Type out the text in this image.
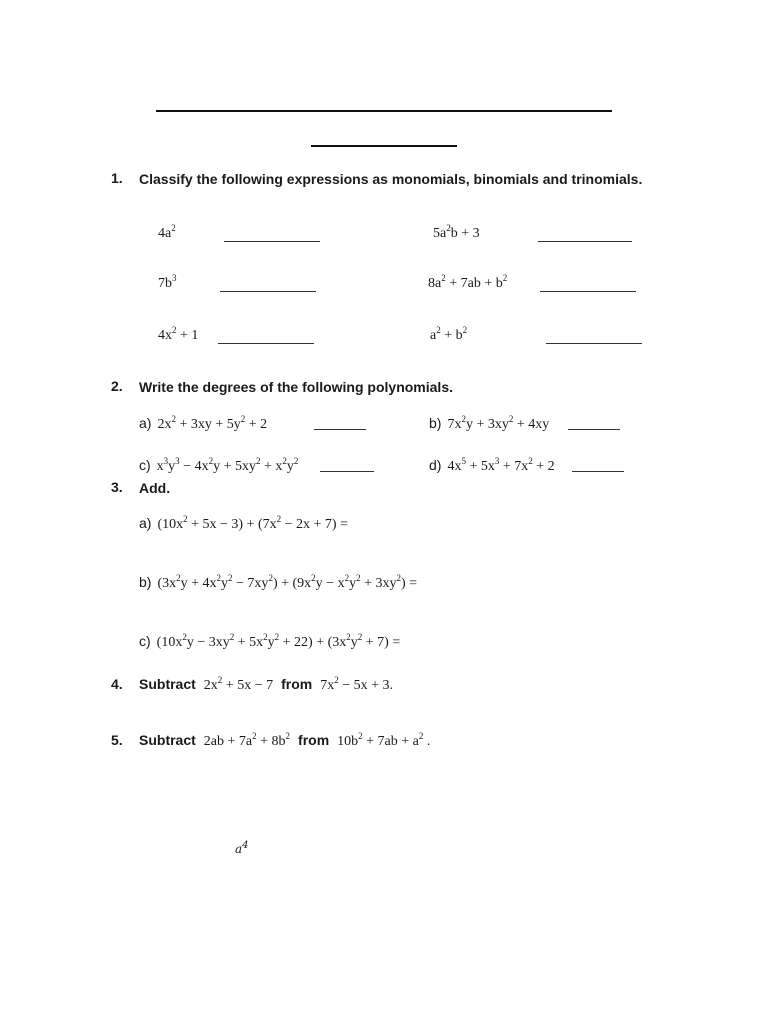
1. Classify the following expressions as monomials, binomials and trinomials.
$4a^2$	$5a^2b + 3$
$7b^3$	$8a^2 + 7ab + b^2$
$4x^2 + 1$	$a^2 + b^2$
2. Write the degrees of the following polynomials.
a) $2x^2 + 3xy + 5y^2 + 2$	b) $7x^2y + 3xy^2 + 4xy$
c) $x^3y^3 - 4x^2y + 5xy^2 + x^2y^2$	d) $4x^5 + 5x^3 + 7x^2 + 2$
3. Add.
a) $(10x^2 + 5x - 3) + (7x^2 - 2x + 7)$ =
b) $(3x^2y + 4x^2y^2 - 7xy^2) + (9x^2y - x^2y^2 + 3xy^2)$ =
c) $(10x^2y - 3xy^2 + 5x^2y^2 + 22) + (3x^2y^2 + 7)$ =
4.	Subtract $2x^2 + 5x - 7$ from $7x^2 - 5x + 3$.
5.	Subtract $2ab + 7a^2 + 8b^2$ from $10b^2 + 7ab + a^2$ .
$a^4$
